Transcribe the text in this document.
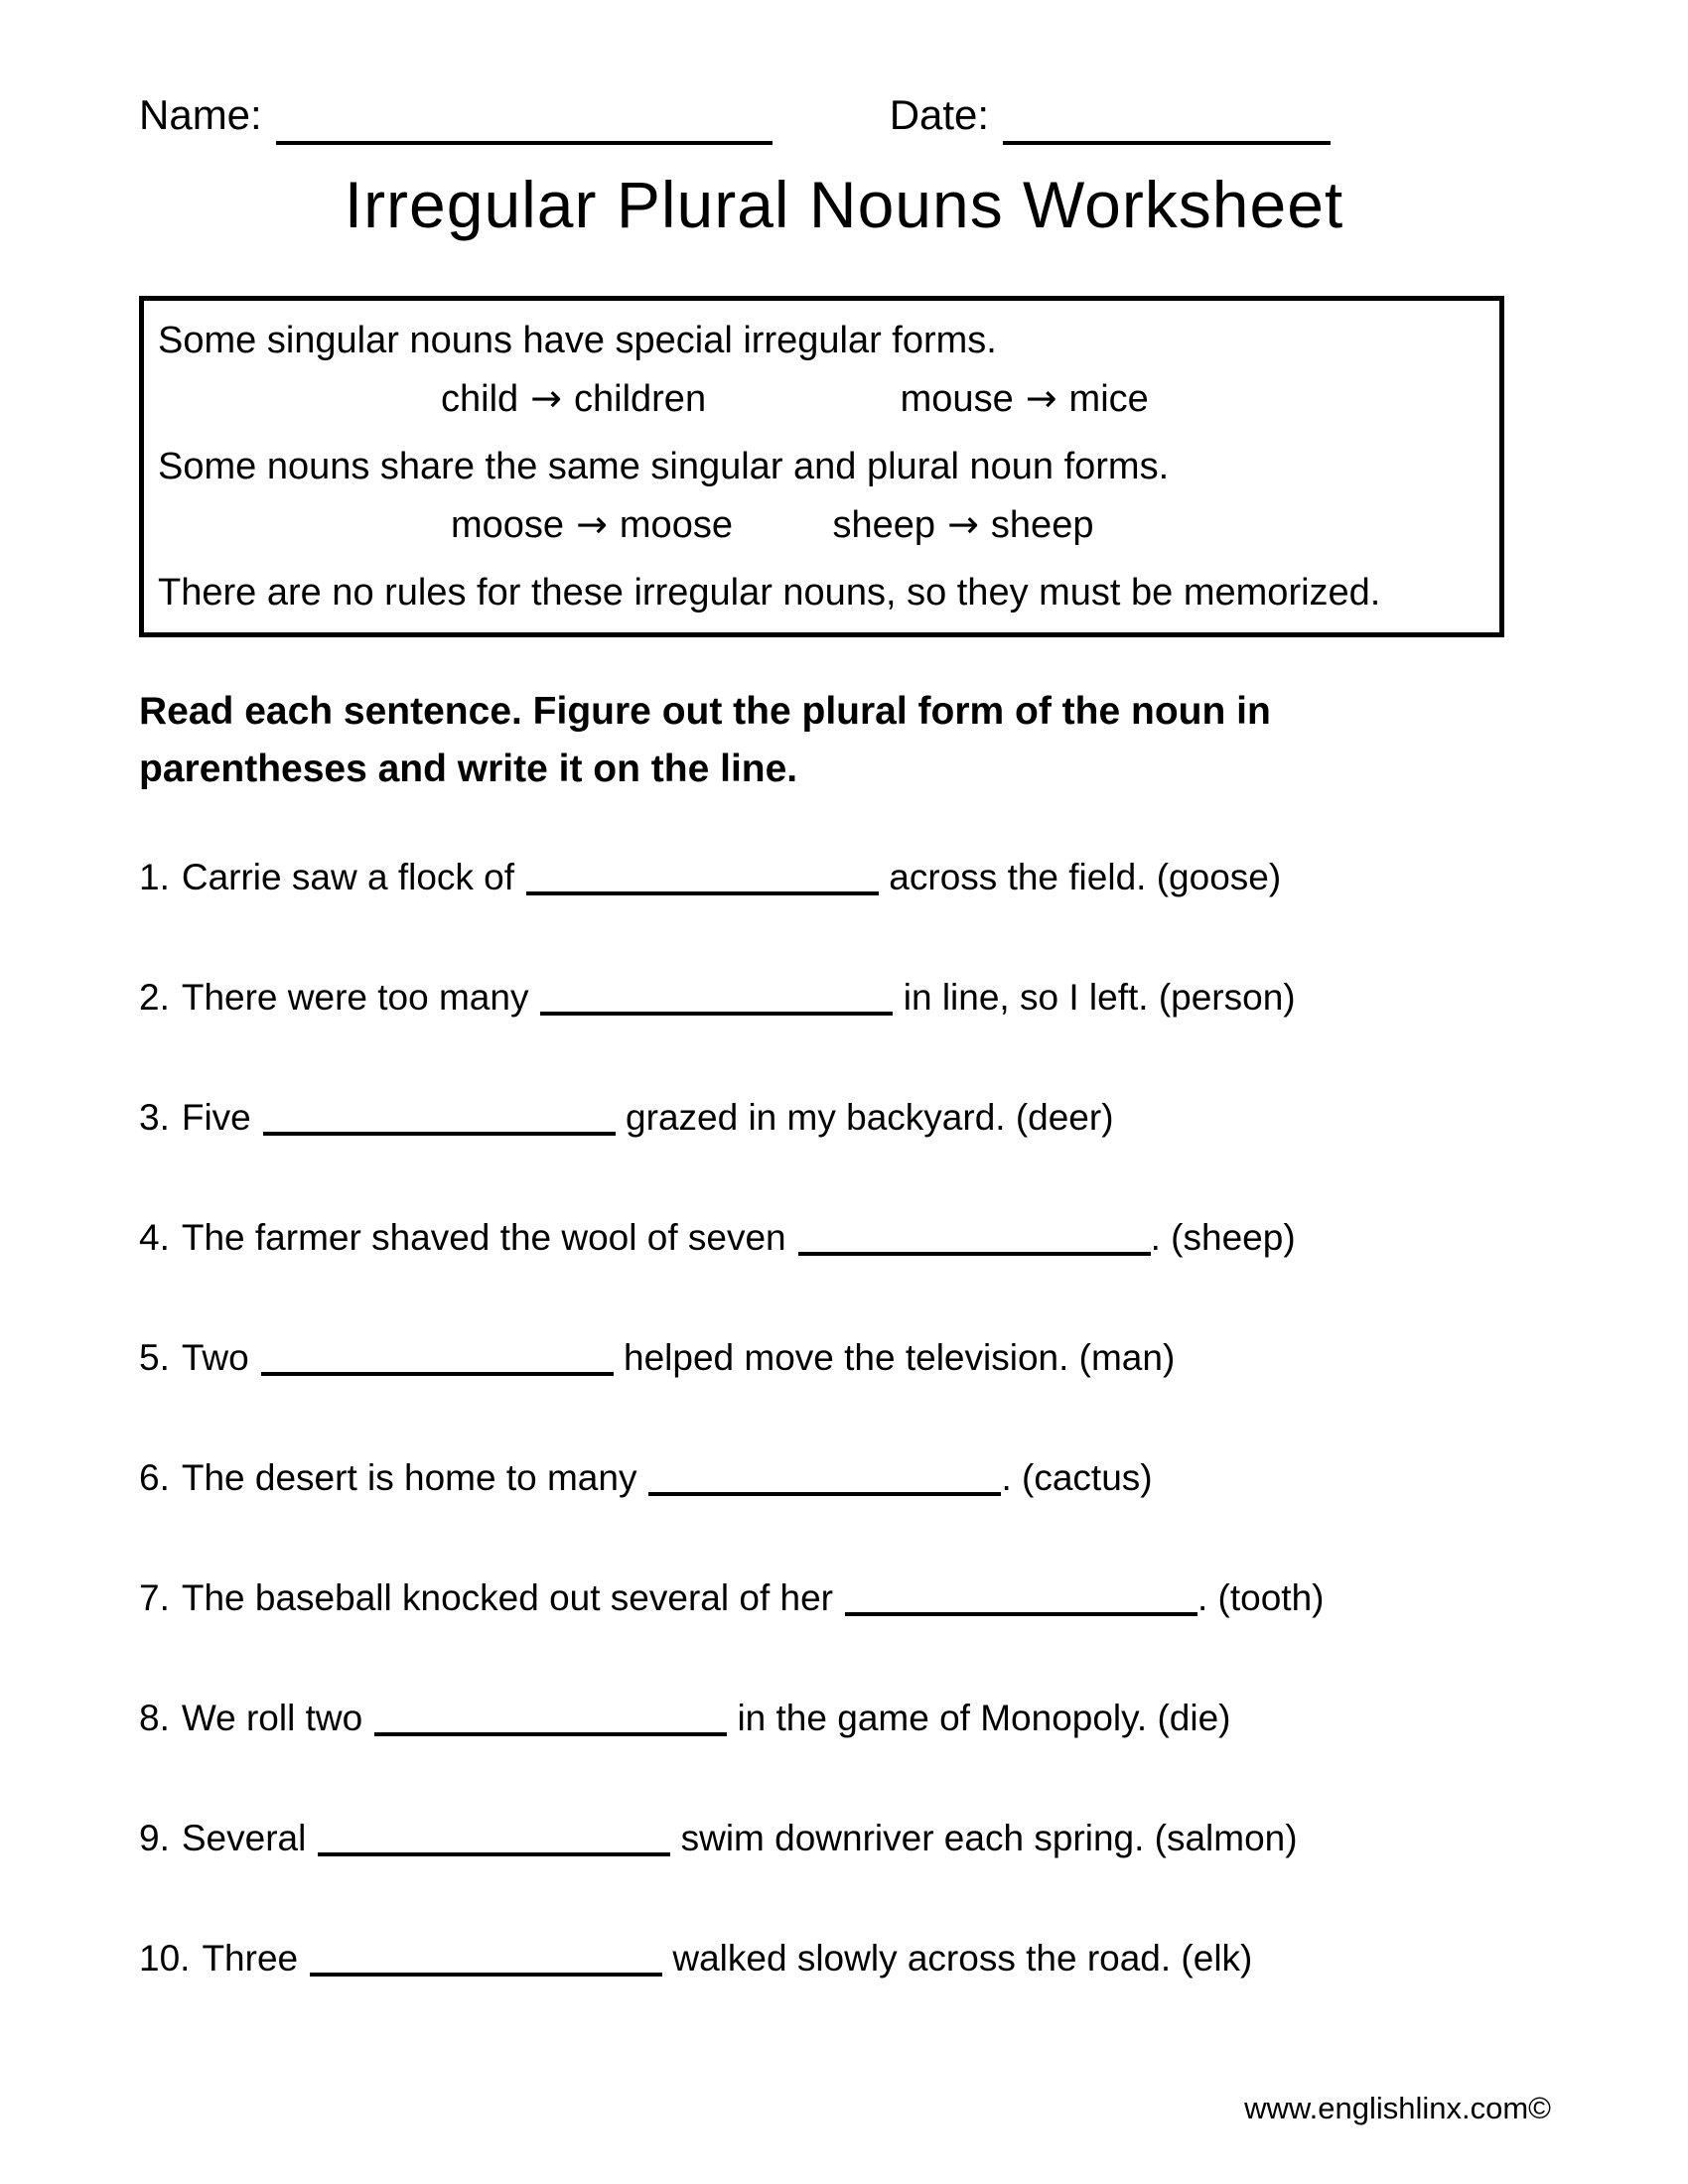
Name:	Date:
Irregular Plural Nouns Worksheet

Some singular nouns have special irregular forms.

child → children	mouse → mice

Some nouns share the same singular and plural noun forms.

moose → moose	sheep → sheep

There are no rules for these irregular nouns, so they must be memorized.

Read each sentence. Figure out the plural form of the noun in parentheses and write it on the line.

1. Carrie saw a flock of	across the field. (goose)
2. There were too many	in line, so I left. (person)
3. Five	grazed in my backyard. (deer)
4. The farmer shaved the wool of seven	. (sheep)
5. Two	helped move the television. (man)
6. The desert is home to many	. (cactus)
7. The baseball knocked out several of her	. (tooth)
8. We roll two	in the game of Monopoly. (die)
9. Several	swim downriver each spring. (salmon)
10. Three	walked slowly across the road. (elk)
www.englishlinx.com©
